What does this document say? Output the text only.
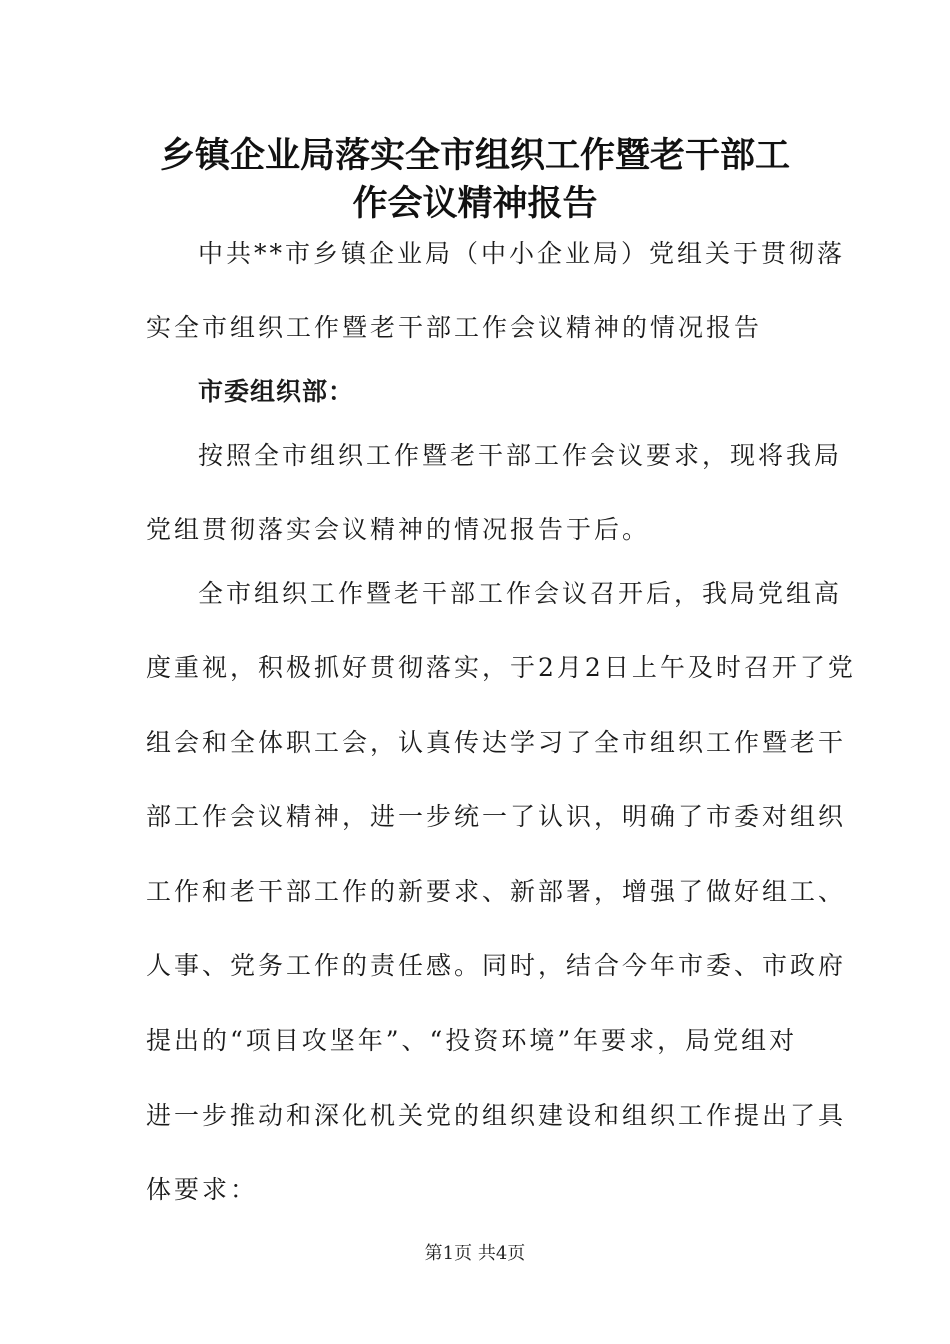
乡镇企业局落实全市组织工作暨老干部工
作会议精神报告
中共**市乡镇企业局（中小企业局）党组关于贯彻落
实全市组织工作暨老干部工作会议精神的情况报告
市委组织部：
按照全市组织工作暨老干部工作会议要求，现将我局
党组贯彻落实会议精神的情况报告于后。
全市组织工作暨老干部工作会议召开后，我局党组高
度重视，积极抓好贯彻落实，于2月2日上午及时召开了党
组会和全体职工会，认真传达学习了全市组织工作暨老干
部工作会议精神，进一步统一了认识，明确了市委对组织
工作和老干部工作的新要求、新部署，增强了做好组工、
人事、党务工作的责任感。同时，结合今年市委、市政府
提出的“项目攻坚年”、“投资环境”年要求，局党组对
进一步推动和深化机关党的组织建设和组织工作提出了具
体要求：
第1页 共4页
